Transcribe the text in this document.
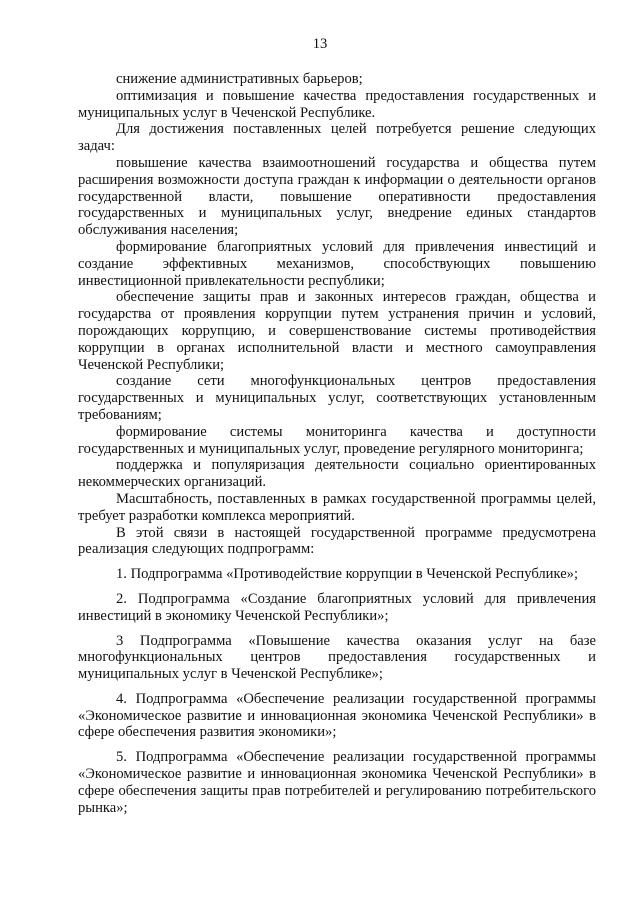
13

снижение административных барьеров;

оптимизация и повышение качества предоставления государственных и муниципальных услуг в Чеченской Республике.

Для достижения поставленных целей потребуется решение следующих задач:

повышение качества взаимоотношений государства и общества путем расширения возможности доступа граждан к информации о деятельности органов государственной власти, повышение оперативности предоставления государственных и муниципальных услуг, внедрение единых стандартов обслуживания населения;

формирование благоприятных условий для привлечения инвестиций и создание эффективных механизмов, способствующих повышению инвестиционной привлекательности республики;

обеспечение защиты прав и законных интересов граждан, общества и государства от проявления коррупции путем устранения причин и условий, порождающих коррупцию, и совершенствование системы противодействия коррупции в органах исполнительной власти и местного самоуправления Чеченской Республики;

создание сети многофункциональных центров предоставления государственных и муниципальных услуг, соответствующих установленным требованиям;

формирование системы мониторинга качества и доступности государственных и муниципальных услуг, проведение регулярного мониторинга;

поддержка и популяризация деятельности социально ориентированных некоммерческих организаций.

Масштабность, поставленных в рамках государственной программы целей, требует разработки комплекса мероприятий.

В этой связи в настоящей государственной программе предусмотрена реализация следующих подпрограмм:

1. Подпрограмма «Противодействие коррупции в Чеченской Республике»;

2. Подпрограмма «Создание благоприятных условий для привлечения инвестиций в экономику Чеченской Республики»;

3 Подпрограмма «Повышение качества оказания услуг на базе многофункциональных центров предоставления государственных и муниципальных услуг в Чеченской Республике»;

4. Подпрограмма «Обеспечение реализации государственной программы «Экономическое развитие и инновационная экономика Чеченской Республики» в сфере обеспечения развития экономики»;

5. Подпрограмма «Обеспечение реализации государственной программы «Экономическое развитие и инновационная экономика Чеченской Республики» в сфере обеспечения защиты прав потребителей и регулированию потребительского рынка»;
